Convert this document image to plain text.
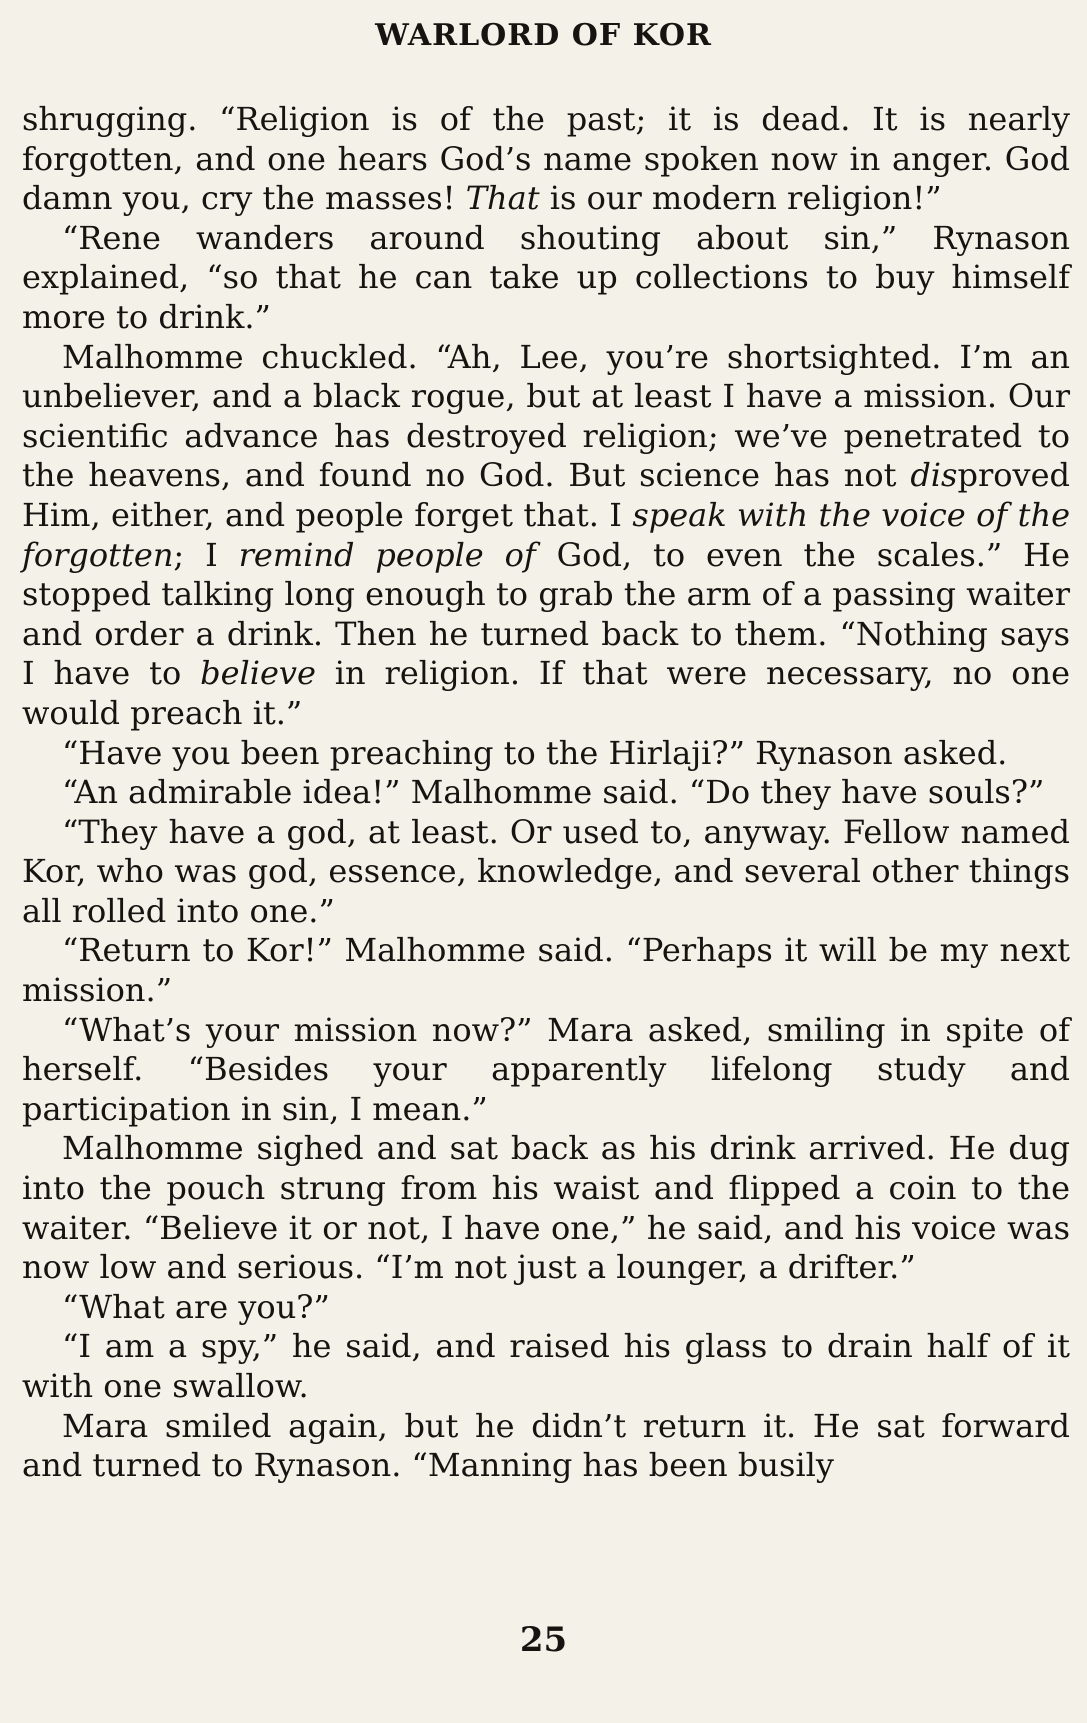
WARLORD OF KOR

shrugging. “Religion is of the past; it is dead. It is nearly forgotten, and one hears God’s name spoken now in anger. God damn you, cry the masses! That is our modern religion!”

“Rene wanders around shouting about sin,” Rynason explained, “so that he can take up collections to buy himself more to drink.”

Malhomme chuckled. “Ah, Lee, you’re shortsighted. I’m an unbeliever, and a black rogue, but at least I have a mission. Our scientific advance has destroyed religion; we’ve penetrated to the heavens, and found no God. But science has not disproved Him, either, and people forget that. I speak with the voice of the forgotten; I remind people of God, to even the scales.” He stopped talking long enough to grab the arm of a passing waiter and order a drink. Then he turned back to them. “Nothing says I have to believe in religion. If that were necessary, no one would preach it.”

“Have you been preaching to the Hirlaji?” Rynason asked.

“An admirable idea!” Malhomme said. “Do they have souls?”

“They have a god, at least. Or used to, anyway. Fellow named Kor, who was god, essence, knowledge, and several other things all rolled into one.”

“Return to Kor!” Malhomme said. “Perhaps it will be my next mission.”

“What’s your mission now?” Mara asked, smiling in spite of herself. “Besides your apparently lifelong study and participation in sin, I mean.”

Malhomme sighed and sat back as his drink arrived. He dug into the pouch strung from his waist and flipped a coin to the waiter. “Believe it or not, I have one,” he said, and his voice was now low and serious. “I’m not just a lounger, a drifter.”

“What are you?”

“I am a spy,” he said, and raised his glass to drain half of it with one swallow.

Mara smiled again, but he didn’t return it. He sat forward and turned to Rynason. “Manning has been busily

25
